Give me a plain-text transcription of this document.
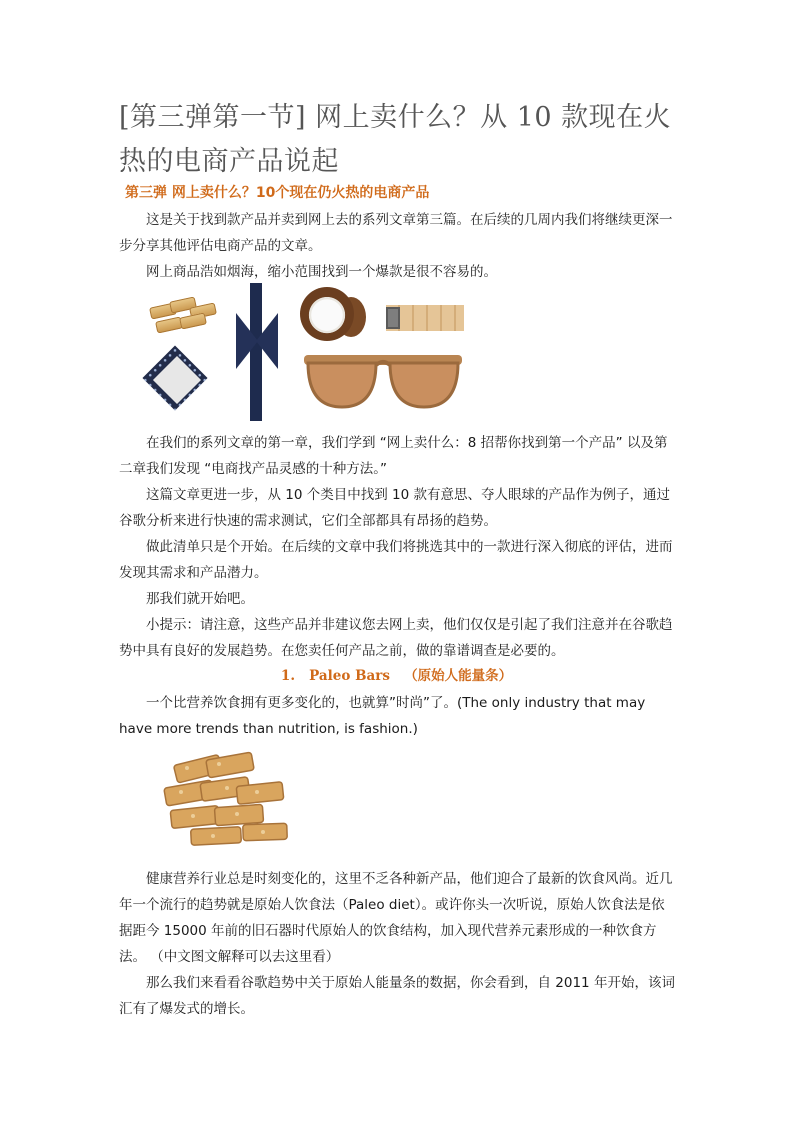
[第三弹第一节] 网上卖什么？从 10 款现在火热的电商产品说起
第三弹 网上卖什么？10个现在仍火热的电商产品

这是关于找到款产品并卖到网上去的系列文章第三篇。在后续的几周内我们将继续更深一步分享其他评估电商产品的文章。

网上商品浩如烟海，缩小范围找到一个爆款是很不容易的。

在我们的系列文章的第一章，我们学到 “网上卖什么：8 招帮你找到第一个产品” 以及第二章我们发现 “电商找产品灵感的十种方法。”

这篇文章更进一步，从 10 个类目中找到 10 款有意思、夺人眼球的产品作为例子，通过谷歌分析来进行快速的需求测试，它们全部都具有昂扬的趋势。

做此清单只是个开始。在后续的文章中我们将挑选其中的一款进行深入彻底的评估，进而发现其需求和产品潜力。

那我们就开始吧。

小提示：请注意，这些产品并非建议您去网上卖，他们仅仅是引起了我们注意并在谷歌趋势中具有良好的发展趋势。在您卖任何产品之前，做的靠谱调查是必要的。

1. Paleo Bars （原始人能量条）

一个比营养饮食拥有更多变化的，也就算”时尚”了。(The only industry that may have more trends than nutrition, is fashion.)

健康营养行业总是时刻变化的，这里不乏各种新产品，他们迎合了最新的饮食风尚。近几年一个流行的趋势就是原始人饮食法（Paleo diet）。或许你头一次听说，原始人饮食法是依据距今 15000 年前的旧石器时代原始人的饮食结构，加入现代营养元素形成的一种饮食方法。 （中文图文解释可以去这里看）

那么我们来看看谷歌趋势中关于原始人能量条的数据，你会看到，自 2011 年开始，该词汇有了爆发式的增长。
